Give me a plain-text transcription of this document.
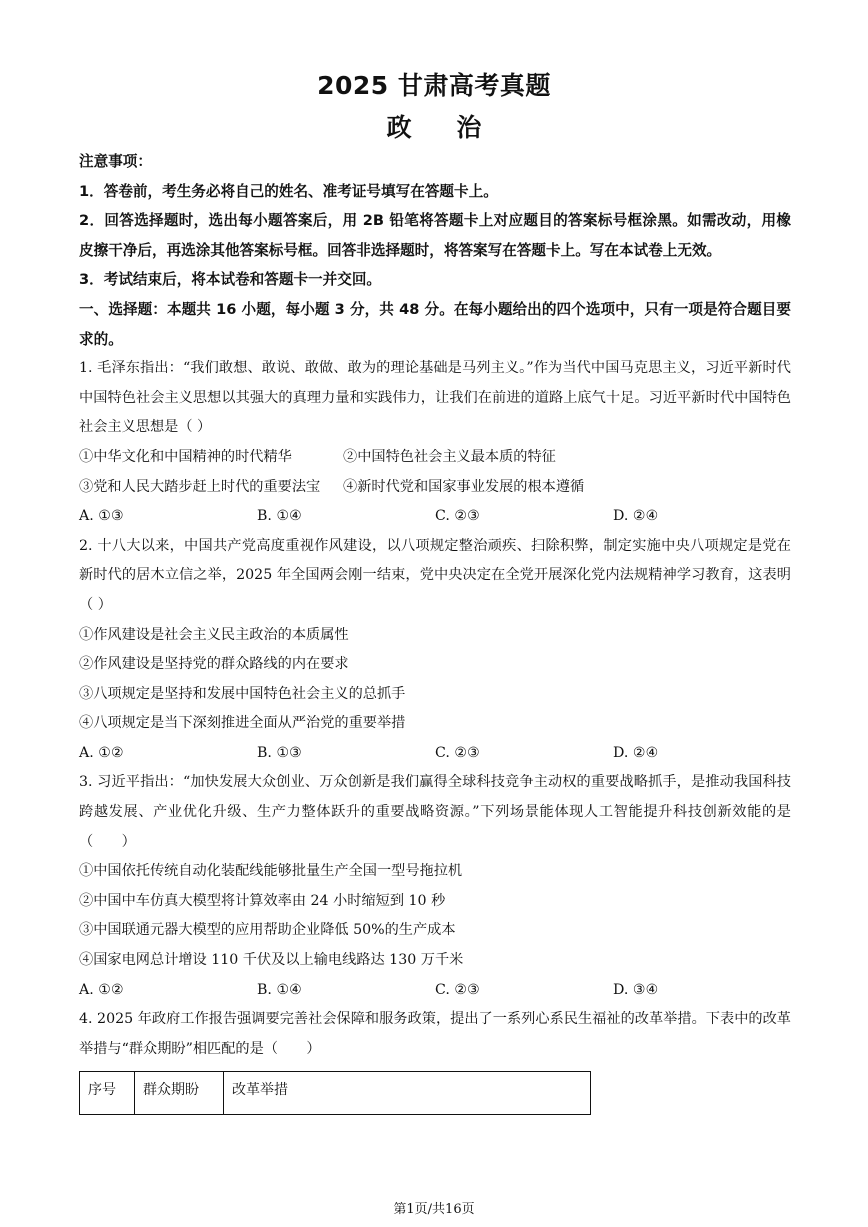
2025 甘肃高考真题
政 治
注意事项：
1．答卷前，考生务必将自己的姓名、准考证号填写在答题卡上。
2．回答选择题时，选出每小题答案后，用 2B 铅笔将答题卡上对应题目的答案标号框涂黑。如需改动，用橡皮擦干净后，再选涂其他答案标号框。回答非选择题时，将答案写在答题卡上。写在本试卷上无效。
3．考试结束后，将本试卷和答题卡一并交回。
一、选择题：本题共 16 小题，每小题 3 分，共 48 分。在每小题给出的四个选项中，只有一项是符合题目要求的。
1. 毛泽东指出：“我们敢想、敢说、敢做、敢为的理论基础是马列主义。”作为当代中国马克思主义，习近平新时代中国特色社会主义思想以其强大的真理力量和实践伟力，让我们在前进的道路上底气十足。习近平新时代中国特色社会主义思想是（ ）
①中华文化和中国精神的时代精华	②中国特色社会主义最本质的特征
③党和人民大踏步赶上时代的重要法宝 ④新时代党和国家事业发展的根本遵循
A. ①③	B. ①④	C. ②③	D. ②④
2. 十八大以来，中国共产党高度重视作风建设，以八项规定整治顽疾、扫除积弊，制定实施中央八项规定是党在新时代的居木立信之举，2025 年全国两会刚一结束，党中央决定在全党开展深化党内法规精神学习教育，这表明（ ）
①作风建设是社会主义民主政治的本质属性
②作风建设是坚持党的群众路线的内在要求
③八项规定是坚持和发展中国特色社会主义的总抓手
④八项规定是当下深刻推进全面从严治党的重要举措
A. ①②	B. ①③	C. ②③	D. ②④
3. 习近平指出：“加快发展大众创业、万众创新是我们赢得全球科技竞争主动权的重要战略抓手，是推动我国科技跨越发展、产业优化升级、生产力整体跃升的重要战略资源。”下列场景能体现人工智能提升科技创新效能的是（　　）
①中国依托传统自动化装配线能够批量生产全国一型号拖拉机
②中国中车仿真大模型将计算效率由 24 小时缩短到 10 秒
③中国联通元器大模型的应用帮助企业降低 50%的生产成本
④国家电网总计增设 110 千伏及以上输电线路达 130 万千米
A. ①②	B. ①④	C. ②③	D. ③④
4. 2025 年政府工作报告强调要完善社会保障和服务政策，提出了一系列心系民生福祉的改革举措。下表中的改革举措与“群众期盼”相匹配的是（　　）
序号	群众期盼	改革举措
第1页/共16页
